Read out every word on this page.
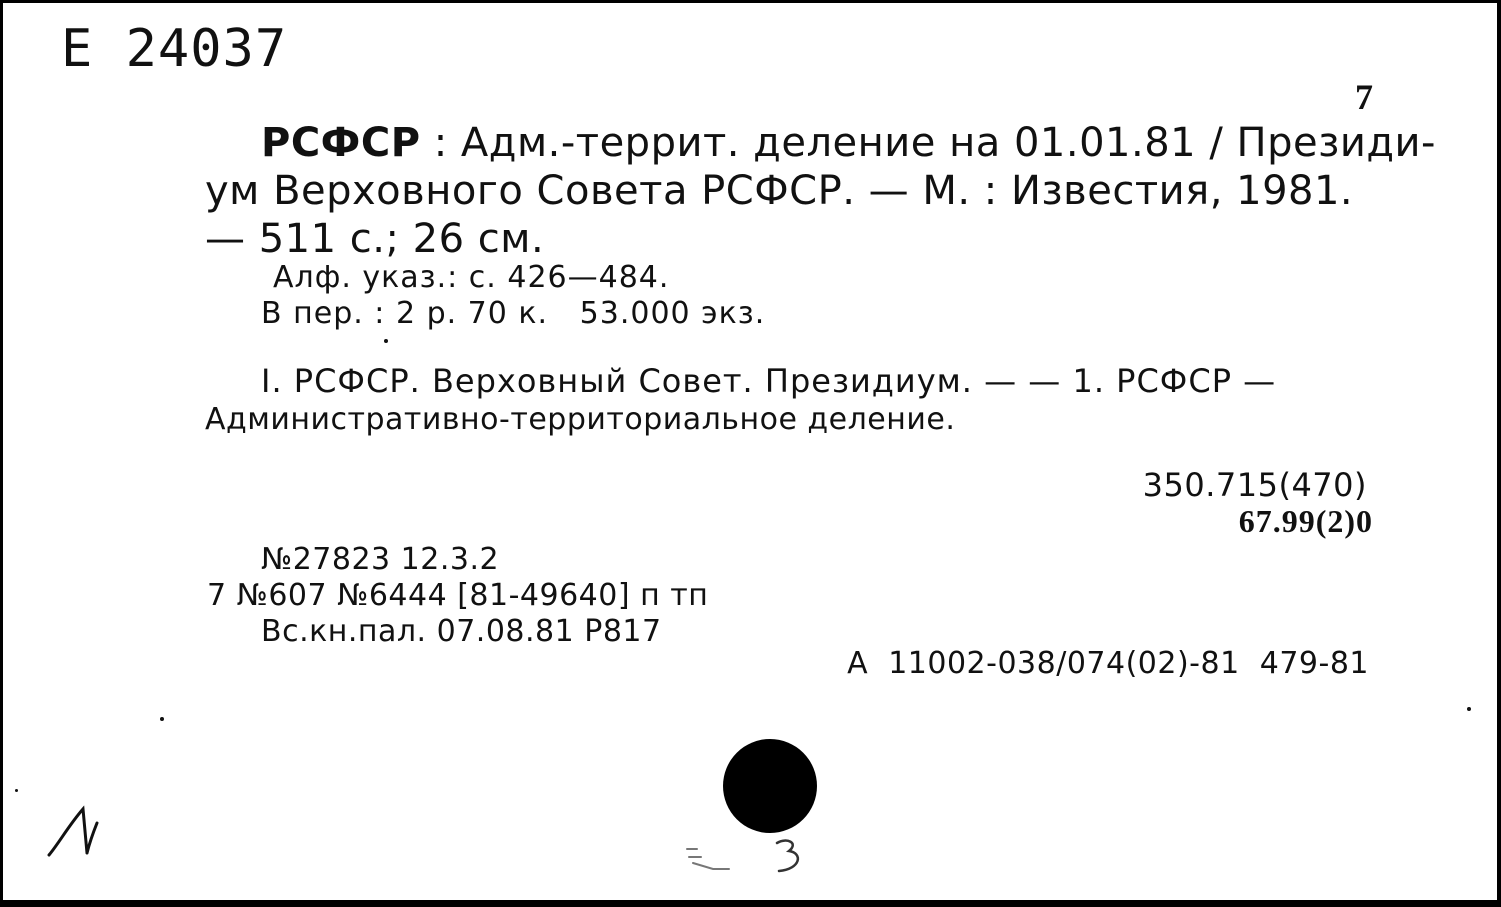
Е 24037
7
РСФСР : Адм.-террит. деление на 01.01.81 / Президи-
ум Верховного Совета РСФСР. — М. : Известия, 1981.
— 511 с.; 26 см.
Алф. указ.: с. 426—484.
В пер. : 2 р. 70 к.   53.000 экз.
I. РСФСР. Верховный Совет. Президиум. — — 1. РСФСР —
Административно-территориальное деление.
350.715(470)
67.99(2)0
№27823 12.3.2
7 №607 №6444 [81-49640] п тп
Вс.кн.пал. 07.08.81 Р817
А  11002-038/074(02)-81  479-81
